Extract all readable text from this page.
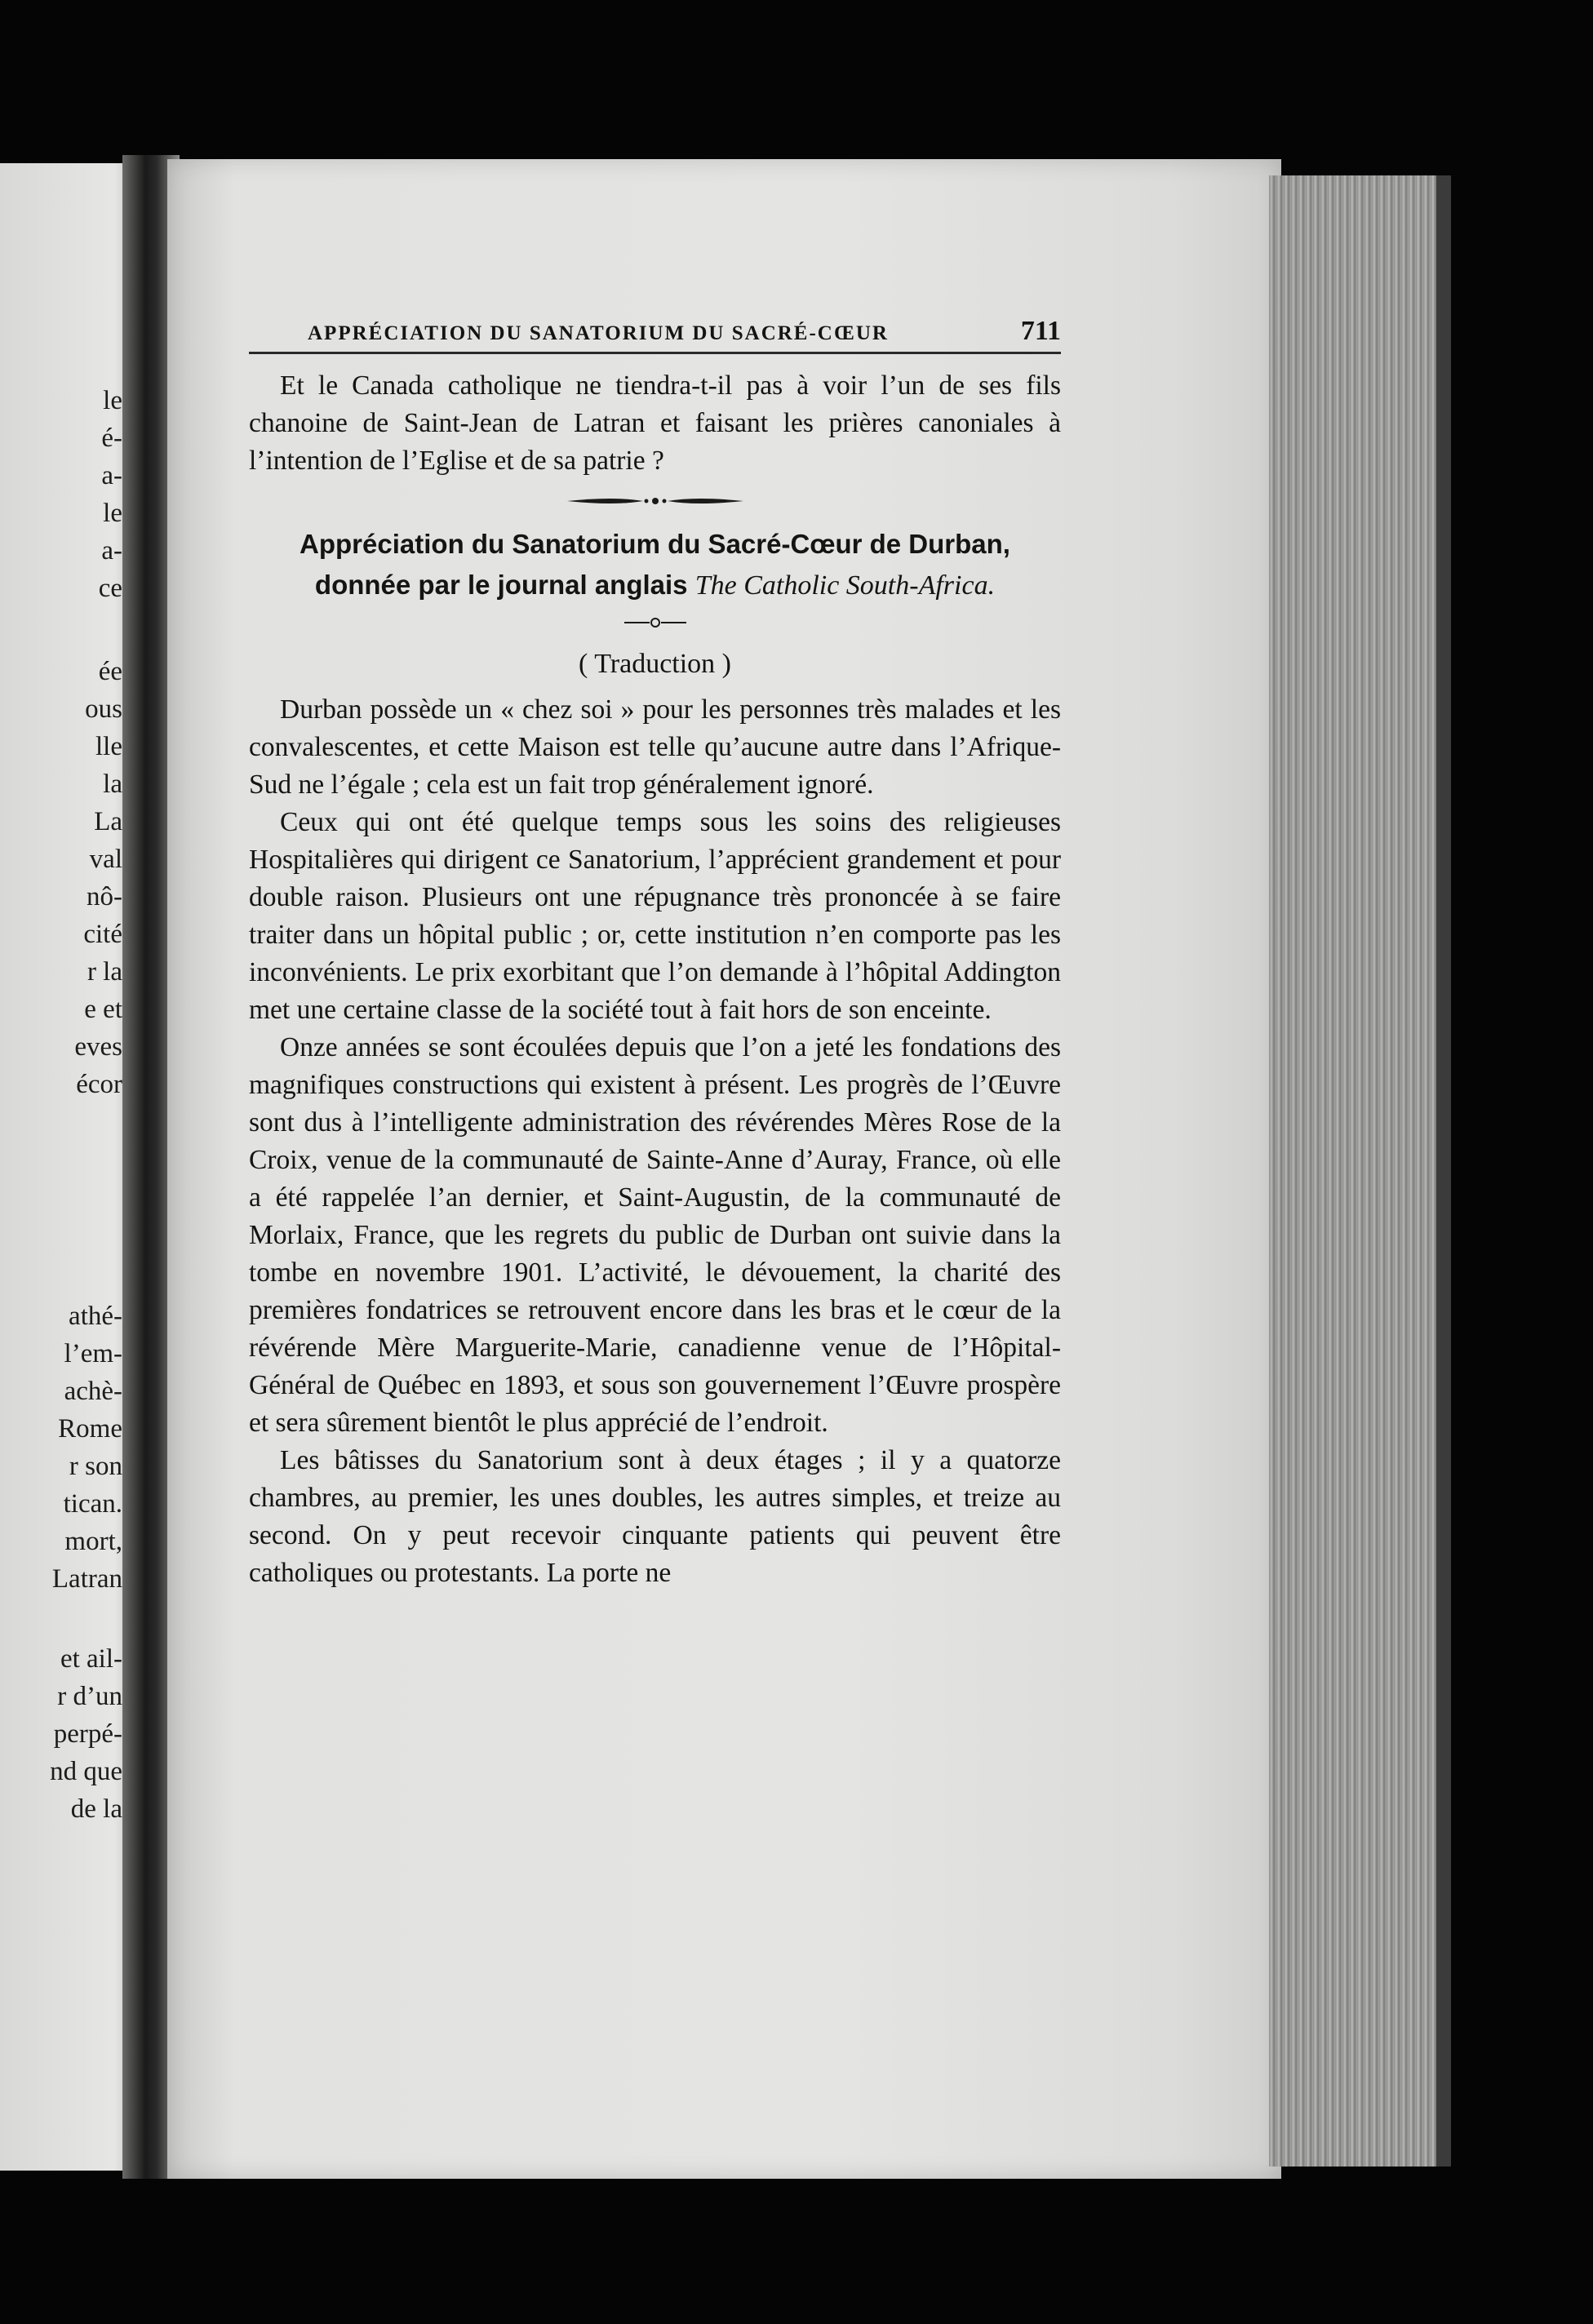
le
é-
a-
le
a-
ce
ée
ous
lle
la
La
val
nô-
cité
r la
e et
eves
écor
athé-
l’em-
achè-
Rome
r son
tican.
mort,
Latran
et ail-
r d’un
perpé-
nd que
de la
APPRÉCIATION DU SANATORIUM DU SACRÉ-CŒUR	711

Et le Canada catholique ne tiendra-t-il pas à voir l’un de ses fils chanoine de Saint-Jean de Latran et faisant les prières canoniales à l’intention de l’Eglise et de sa patrie ?

Appréciation du Sanatorium du Sacré-Cœur de Durban,
donnée par le journal anglais The Catholic South-Africa.
( Traduction )

Durban possède un « chez soi » pour les personnes très malades et les convalescentes, et cette Maison est telle qu’aucune autre dans l’Afrique-Sud ne l’égale ; cela est un fait trop généralement ignoré.

Ceux qui ont été quelque temps sous les soins des religieuses Hospitalières qui dirigent ce Sanatorium, l’apprécient grandement et pour double raison. Plusieurs ont une répugnance très prononcée à se faire traiter dans un hôpital public ; or, cette institution n’en comporte pas les inconvénients. Le prix exorbitant que l’on demande à l’hôpital Addington met une certaine classe de la société tout à fait hors de son enceinte.

Onze années se sont écoulées depuis que l’on a jeté les fondations des magnifiques constructions qui existent à présent. Les progrès de l’Œuvre sont dus à l’intelligente administration des révérendes Mères Rose de la Croix, venue de la communauté de Sainte-Anne d’Auray, France, où elle a été rappelée l’an dernier, et Saint-Augustin, de la communauté de Morlaix, France, que les regrets du public de Durban ont suivie dans la tombe en novembre 1901. L’activité, le dévouement, la charité des premières fondatrices se retrouvent encore dans les bras et le cœur de la révérende Mère Marguerite-Marie, canadienne venue de l’Hôpital-Général de Québec en 1893, et sous son gouvernement l’Œuvre prospère et sera sûrement bientôt le plus apprécié de l’endroit.

Les bâtisses du Sanatorium sont à deux étages ; il y a quatorze chambres, au premier, les unes doubles, les autres simples, et treize au second. On y peut recevoir cinquante patients qui peuvent être catholiques ou protestants. La porte ne
